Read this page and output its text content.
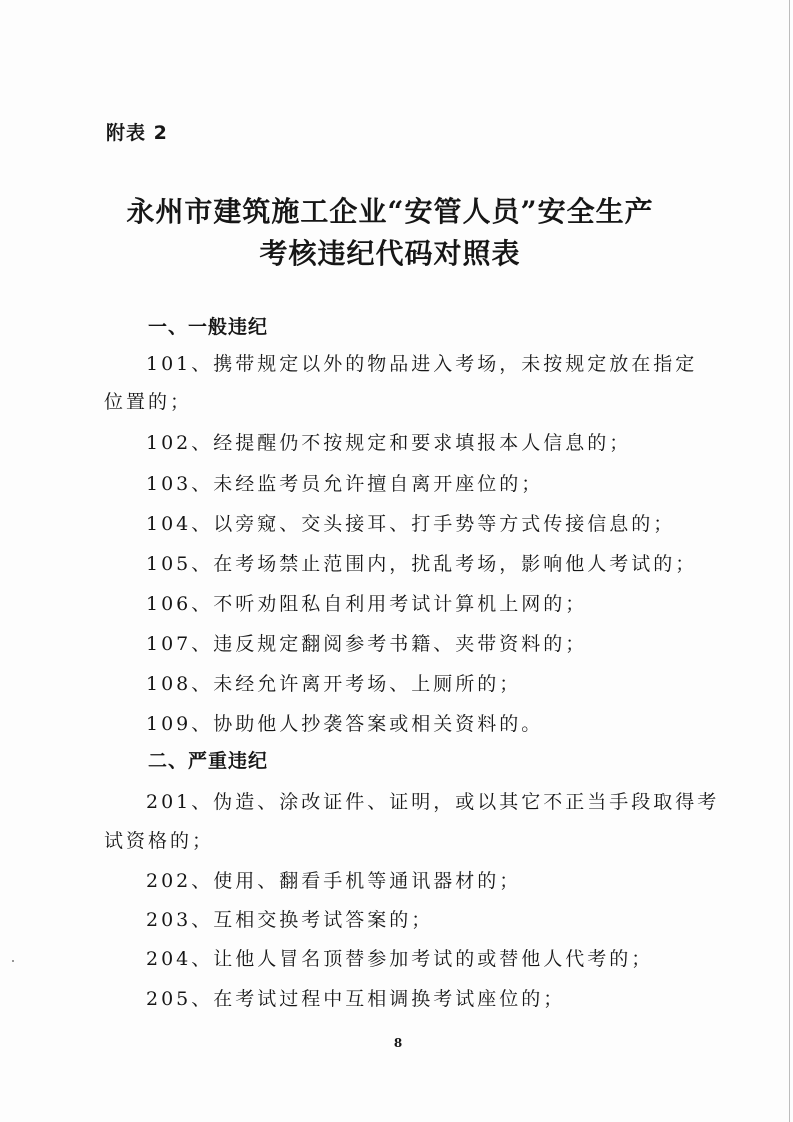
附表 2
永州市建筑施工企业“安管人员”安全生产
考核违纪代码对照表
一、一般违纪
101、携带规定以外的物品进入考场，未按规定放在指定
位置的；
102、经提醒仍不按规定和要求填报本人信息的；
103、未经监考员允许擅自离开座位的；
104、以旁窥、交头接耳、打手势等方式传接信息的；
105、在考场禁止范围内，扰乱考场，影响他人考试的；
106、不听劝阻私自利用考试计算机上网的；
107、违反规定翻阅参考书籍、夹带资料的；
108、未经允许离开考场、上厕所的；
109、协助他人抄袭答案或相关资料的。
二、严重违纪
201、伪造、涂改证件、证明，或以其它不正当手段取得考
试资格的；
202、使用、翻看手机等通讯器材的；
203、互相交换考试答案的；
204、让他人冒名顶替参加考试的或替他人代考的；
205、在考试过程中互相调换考试座位的；
8
